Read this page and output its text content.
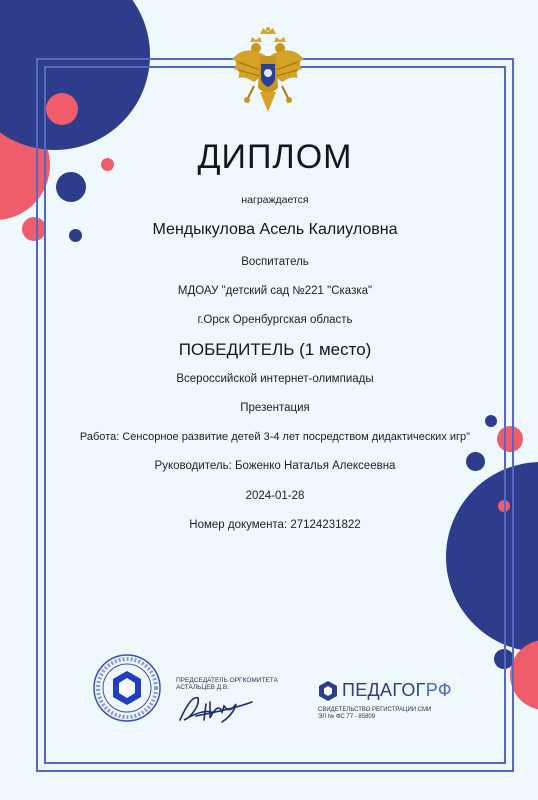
ДИПЛОМ
награждается
Мендыкулова Асель Калиуловна
Воспитатель
МДОАУ "детский сад №221 "Сказка"
г.Орск Оренбургская область
ПОБЕДИТЕЛЬ (1 место)
Всероссийской интернет-олимпиады
Презентация
Работа: Сенсорное развитие детей 3-4 лет посредством дидактических игр"
Руководитель: Боженко Наталья Алексеевна
2024-01-28
Номер документа: 27124231822
ПРЕДСЕДАТЕЛЬ ОРГКОМИТЕТА
АСТАЛЬЦЕВ Д.В.	ПЕДАГОГРФ
СВИДЕТЕЛЬСТВО РЕГИСТРАЦИИ СМИ
ЭЛ № ФС 77 - 85809
